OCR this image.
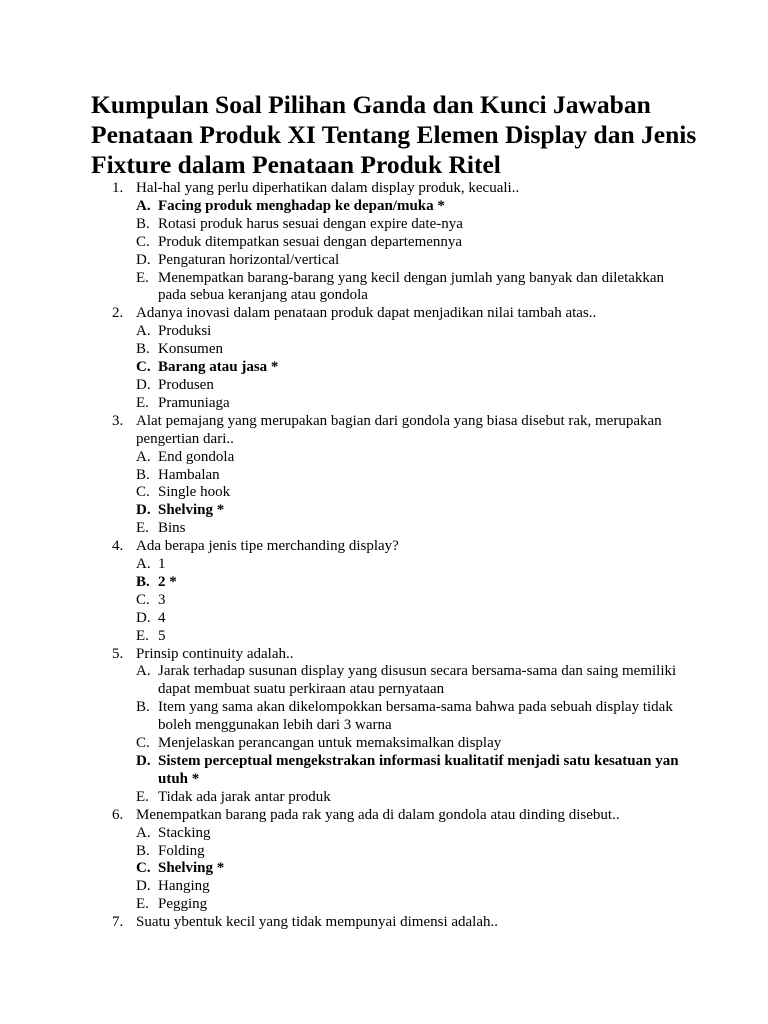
Kumpulan Soal Pilihan Ganda dan Kunci Jawaban Penataan Produk XI Tentang Elemen Display dan Jenis Fixture dalam Penataan Produk Ritel
1. Hal-hal yang perlu diperhatikan dalam display produk, kecuali..
A. Facing produk menghadap ke depan/muka *
B. Rotasi produk harus sesuai dengan expire date-nya
C. Produk ditempatkan sesuai dengan departemennya
D. Pengaturan horizontal/vertical
E. Menempatkan barang-barang yang kecil dengan jumlah yang banyak dan diletakkan pada sebua keranjang atau gondola
2. Adanya inovasi dalam penataan produk dapat menjadikan nilai tambah atas..
A. Produksi
B. Konsumen
C. Barang atau jasa *
D. Produsen
E. Pramuniaga
3. Alat pemajang yang merupakan bagian dari gondola yang biasa disebut rak, merupakan pengertian dari..
A. End gondola
B. Hambalan
C. Single hook
D. Shelving *
E. Bins
4. Ada berapa jenis tipe merchanding display?
A. 1
B. 2 *
C. 3
D. 4
E. 5
5. Prinsip continuity adalah..
A. Jarak terhadap susunan display yang disusun secara bersama-sama dan saing memiliki dapat membuat suatu perkiraan atau pernyataan
B. Item yang sama akan dikelompokkan bersama-sama bahwa pada sebuah display tidak boleh menggunakan lebih dari 3 warna
C. Menjelaskan perancangan untuk memaksimalkan display
D. Sistem perceptual mengekstrakan informasi kualitatif menjadi satu kesatuan yan utuh *
E. Tidak ada jarak antar produk
6. Menempatkan barang pada rak yang ada di dalam gondola atau dinding disebut..
A. Stacking
B. Folding
C. Shelving *
D. Hanging
E. Pegging
7. Suatu ybentuk kecil yang tidak mempunyai dimensi adalah..
